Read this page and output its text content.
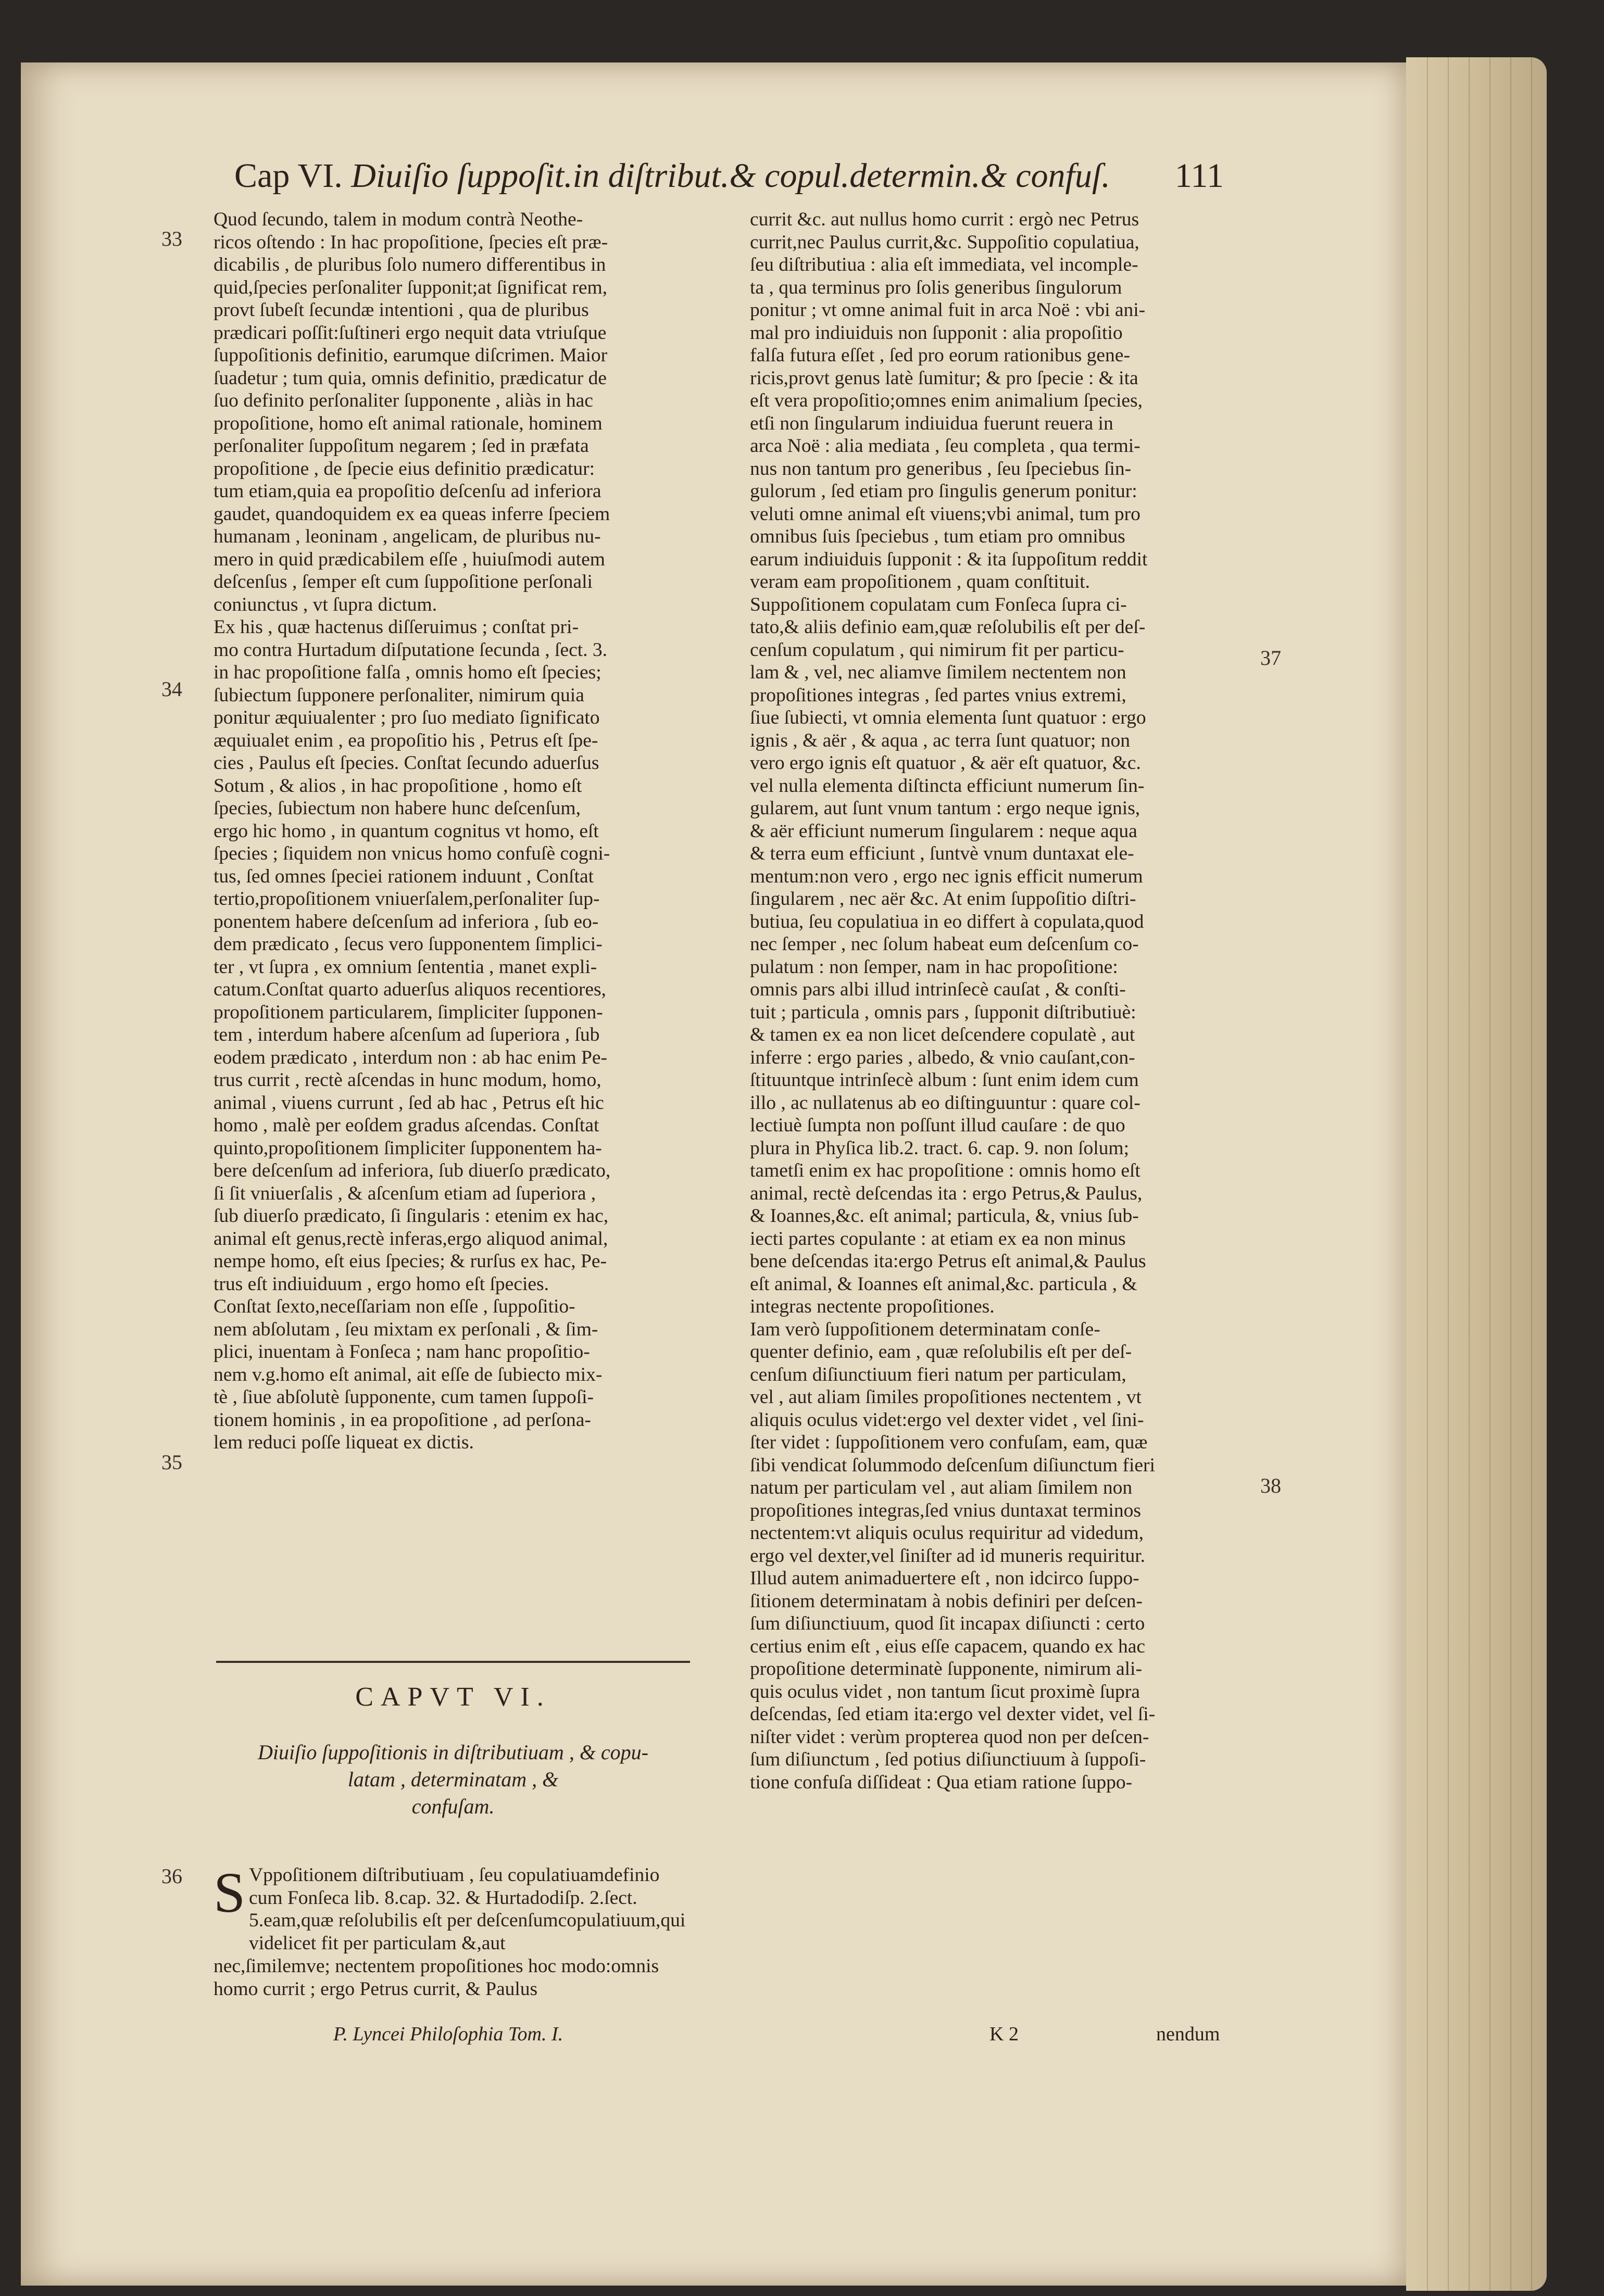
Cap VI. Diuiſio ſuppoſit.in diſtribut.& copul.determin.& confuſ. 111
33
34
35
36
37
38
Quod ſecundo, talem in modum contrà Neothe-
ricos oſtendo : In hac propoſitione, ſpecies eſt præ-
dicabilis , de pluribus ſolo numero differentibus in
quid,ſpecies perſonaliter ſupponit;at ſignificat rem,
provt ſubeſt ſecundæ intentioni , qua de pluribus
prædicari poſſit:ſuſtineri ergo nequit data vtriuſque
ſuppoſitionis definitio, earumque diſcrimen. Maior
ſuadetur ; tum quia, omnis definitio, prædicatur de
ſuo definito perſonaliter ſupponente , aliàs in hac
propoſitione, homo eſt animal rationale, hominem
perſonaliter ſuppoſitum negarem ; ſed in præfata
propoſitione , de ſpecie eius definitio prædicatur:
tum etiam,quia ea propoſitio deſcenſu ad inferiora
gaudet, quandoquidem ex ea queas inferre ſpeciem
humanam , leoninam , angelicam, de pluribus nu-
mero in quid prædicabilem eſſe , huiuſmodi autem
deſcenſus , ſemper eſt cum ſuppoſitione perſonali
coniunctus , vt ſupra dictum.
Ex his , quæ hactenus diſſeruimus ; conſtat pri-
mo contra Hurtadum diſputatione ſecunda , ſect. 3.
in hac propoſitione falſa , omnis homo eſt ſpecies;
ſubiectum ſupponere perſonaliter, nimirum quia
ponitur æquiualenter ; pro ſuo mediato ſignificato
æquiualet enim , ea propoſitio his , Petrus eſt ſpe-
cies , Paulus eſt ſpecies. Conſtat ſecundo aduerſus
Sotum , & alios , in hac propoſitione , homo eſt
ſpecies, ſubiectum non habere hunc deſcenſum,
ergo hic homo , in quantum cognitus vt homo, eſt
ſpecies ; ſiquidem non vnicus homo confuſè cogni-
tus, ſed omnes ſpeciei rationem induunt , Conſtat
tertio,propoſitionem vniuerſalem,perſonaliter ſup-
ponentem habere deſcenſum ad inferiora , ſub eo-
dem prædicato , ſecus vero ſupponentem ſimplici-
ter , vt ſupra , ex omnium ſententia , manet expli-
catum.Conſtat quarto aduerſus aliquos recentiores,
propoſitionem particularem, ſimpliciter ſupponen-
tem , interdum habere aſcenſum ad ſuperiora , ſub
eodem prædicato , interdum non : ab hac enim Pe-
trus currit , rectè aſcendas in hunc modum, homo,
animal , viuens currunt , ſed ab hac , Petrus eſt hic
homo , malè per eoſdem gradus aſcendas. Conſtat
quinto,propoſitionem ſimpliciter ſupponentem ha-
bere deſcenſum ad inferiora, ſub diuerſo prædicato,
ſi ſit vniuerſalis , & aſcenſum etiam ad ſuperiora ,
ſub diuerſo prædicato, ſi ſingularis : etenim ex hac,
animal eſt genus,rectè inferas,ergo aliquod animal,
nempe homo, eſt eius ſpecies; & rurſus ex hac, Pe-
trus eſt indiuiduum , ergo homo eſt ſpecies.
Conſtat ſexto,neceſſariam non eſſe , ſuppoſitio-
nem abſolutam , ſeu mixtam ex perſonali , & ſim-
plici, inuentam à Fonſeca ; nam hanc propoſitio-
nem v.g.homo eſt animal, ait eſſe de ſubiecto mix-
tè , ſiue abſolutè ſupponente, cum tamen ſuppoſi-
tionem hominis , in ea propoſitione , ad perſona-
lem reduci poſſe liqueat ex dictis.
CAPVT VI.
Diuiſio ſuppoſitionis in diſtributiuam , & copu-
latam , determinatam , &
confuſam.
S Vppoſitionem diſtributiuam , ſeu copulatiuamdefinio cum Fonſeca lib. 8.cap. 32. & Hurtadodiſp. 2.ſect. 5.eam,quæ reſolubilis eſt per deſcenſumcopulatiuum,qui videlicet fit per particulam &,aut
nec,ſimilemve; nectentem propoſitiones hoc modo:omnis homo currit ; ergo Petrus currit, & Paulus
currit &c. aut nullus homo currit : ergò nec Petrus
currit,nec Paulus currit,&c. Suppoſitio copulatiua,
ſeu diſtributiua : alia eſt immediata, vel incomple-
ta , qua terminus pro ſolis generibus ſingulorum
ponitur ; vt omne animal fuit in arca Noë : vbi ani-
mal pro indiuiduis non ſupponit : alia propoſitio
falſa futura eſſet , ſed pro eorum rationibus gene-
ricis,provt genus latè ſumitur; & pro ſpecie : & ita
eſt vera propoſitio;omnes enim animalium ſpecies,
etſi non ſingularum indiuidua fuerunt reuera in
arca Noë : alia mediata , ſeu completa , qua termi-
nus non tantum pro generibus , ſeu ſpeciebus ſin-
gulorum , ſed etiam pro ſingulis generum ponitur:
veluti omne animal eſt viuens;vbi animal, tum pro
omnibus ſuis ſpeciebus , tum etiam pro omnibus
earum indiuiduis ſupponit : & ita ſuppoſitum reddit
veram eam propoſitionem , quam conſtituit.
Suppoſitionem copulatam cum Fonſeca ſupra ci-
tato,& aliis definio eam,quæ reſolubilis eſt per deſ-
cenſum copulatum , qui nimirum fit per particu-
lam & , vel, nec aliamve ſimilem nectentem non
propoſitiones integras , ſed partes vnius extremi,
ſiue ſubiecti, vt omnia elementa ſunt quatuor : ergo
ignis , & aër , & aqua , ac terra ſunt quatuor; non
vero ergo ignis eſt quatuor , & aër eſt quatuor, &c.
vel nulla elementa diſtincta efficiunt numerum ſin-
gularem, aut ſunt vnum tantum : ergo neque ignis,
& aër efficiunt numerum ſingularem : neque aqua
& terra eum efficiunt , ſuntvè vnum duntaxat ele-
mentum:non vero , ergo nec ignis efficit numerum
ſingularem , nec aër &c. At enim ſuppoſitio diſtri-
butiua, ſeu copulatiua in eo differt à copulata,quod
nec ſemper , nec ſolum habeat eum deſcenſum co-
pulatum : non ſemper, nam in hac propoſitione:
omnis pars albi illud intrinſecè cauſat , & conſti-
tuit ; particula , omnis pars , ſupponit diſtributiuè:
& tamen ex ea non licet deſcendere copulatè , aut
inferre : ergo paries , albedo, & vnio cauſant,con-
ſtituuntque intrinſecè album : ſunt enim idem cum
illo , ac nullatenus ab eo diſtinguuntur : quare col-
lectiuè ſumpta non poſſunt illud cauſare : de quo
plura in Phyſica lib.2. tract. 6. cap. 9. non ſolum;
tametſi enim ex hac propoſitione : omnis homo eſt
animal, rectè deſcendas ita : ergo Petrus,& Paulus,
& Ioannes,&c. eſt animal; particula, &, vnius ſub-
iecti partes copulante : at etiam ex ea non minus
bene deſcendas ita:ergo Petrus eſt animal,& Paulus
eſt animal, & Ioannes eſt animal,&c. particula , &
integras nectente propoſitiones.
Iam verò ſuppoſitionem determinatam conſe-
quenter definio, eam , quæ reſolubilis eſt per deſ-
cenſum diſiunctiuum fieri natum per particulam,
vel , aut aliam ſimiles propoſitiones nectentem , vt
aliquis oculus videt:ergo vel dexter videt , vel ſini-
ſter videt : ſuppoſitionem vero confuſam, eam, quæ
ſibi vendicat ſolummodo deſcenſum diſiunctum fieri
natum per particulam vel , aut aliam ſimilem non
propoſitiones integras,ſed vnius duntaxat terminos
nectentem:vt aliquis oculus requiritur ad videdum,
ergo vel dexter,vel ſiniſter ad id muneris requiritur.
Illud autem animaduertere eſt , non idcirco ſuppo-
ſitionem determinatam à nobis definiri per deſcen-
ſum diſiunctiuum, quod ſit incapax diſiuncti : certo
certius enim eſt , eius eſſe capacem, quando ex hac
propoſitione determinatè ſupponente, nimirum ali-
quis oculus videt , non tantum ſicut proximè ſupra
deſcendas, ſed etiam ita:ergo vel dexter videt, vel ſi-
niſter videt : verùm propterea quod non per deſcen-
ſum diſiunctum , ſed potius diſiunctiuum à ſuppoſi-
tione confuſa diſſideat : Qua etiam ratione ſuppo-
P. Lyncei Philoſophia Tom. I.	K 2	nendum
